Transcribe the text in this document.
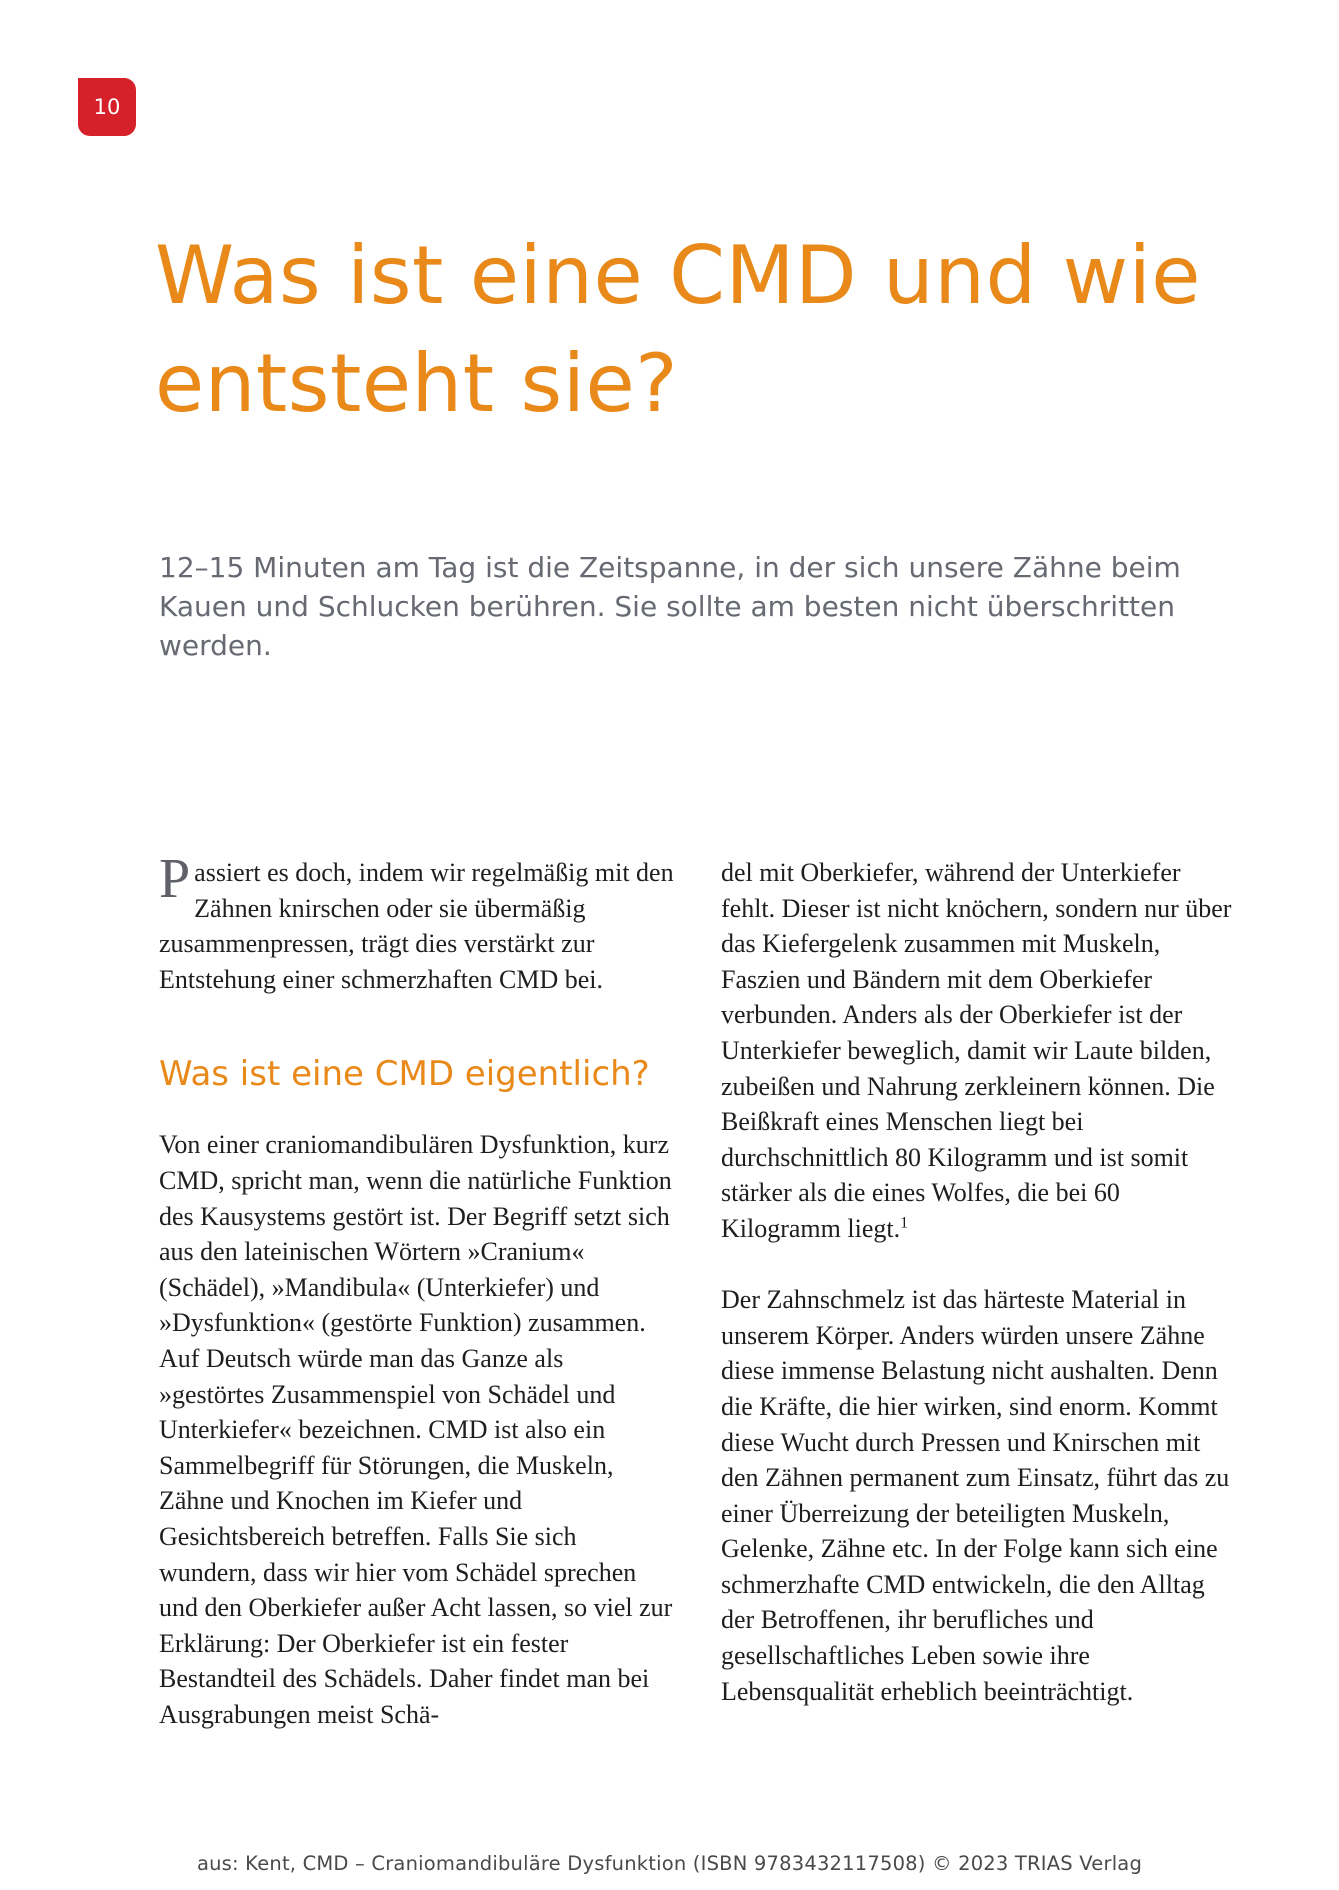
10
Was ist eine CMD und wie entsteht sie?

12–15 Minuten am Tag ist die Zeitspanne, in der sich unsere Zähne beim Kauen und Schlucken berühren. Sie sollte am besten nicht überschritten werden.

Passiert es doch, indem wir regelmäßig mit den Zähnen knirschen oder sie übermäßig zusammenpressen, trägt dies verstärkt zur Entstehung einer schmerzhaften CMD bei.

Was ist eine CMD eigentlich?

Von einer craniomandibulären Dysfunktion, kurz CMD, spricht man, wenn die natürliche Funktion des Kausystems gestört ist. Der Begriff setzt sich aus den lateinischen Wörtern »Cranium« (Schädel), »Mandibula« (Unterkiefer) und »Dysfunktion« (gestörte Funktion) zusammen. Auf Deutsch würde man das Ganze als »gestörtes Zusammenspiel von Schädel und Unterkiefer« bezeichnen. CMD ist also ein Sammelbegriff für Störungen, die Muskeln, Zähne und Knochen im Kiefer und Gesichtsbereich betreffen. Falls Sie sich wundern, dass wir hier vom Schädel sprechen und den Oberkiefer außer Acht lassen, so viel zur Erklärung: Der Oberkiefer ist ein fester Bestandteil des Schädels. Daher findet man bei Ausgrabungen meist Schä-

del mit Oberkiefer, während der Unterkiefer fehlt. Dieser ist nicht knöchern, sondern nur über das Kiefergelenk zusammen mit Muskeln, Faszien und Bändern mit dem Oberkiefer verbunden. Anders als der Oberkiefer ist der Unterkiefer beweglich, damit wir Laute bilden, zubeißen und Nahrung zerkleinern können. Die Beißkraft eines Menschen liegt bei durchschnittlich 80 Kilogramm und ist somit stärker als die eines Wolfes, die bei 60 Kilogramm liegt.$^1$

Der Zahnschmelz ist das härteste Material in unserem Körper. Anders würden unsere Zähne diese immense Belastung nicht aushalten. Denn die Kräfte, die hier wirken, sind enorm. Kommt diese Wucht durch Pressen und Knirschen mit den Zähnen permanent zum Einsatz, führt das zu einer Überreizung der beteiligten Muskeln, Gelenke, Zähne etc. In der Folge kann sich eine schmerzhafte CMD entwickeln, die den Alltag der Betroffenen, ihr berufliches und gesellschaftliches Leben sowie ihre Lebensqualität erheblich beeinträchtigt.

aus: Kent, CMD – Craniomandibuläre Dysfunktion (ISBN 9783432117508) © 2023 TRIAS Verlag
